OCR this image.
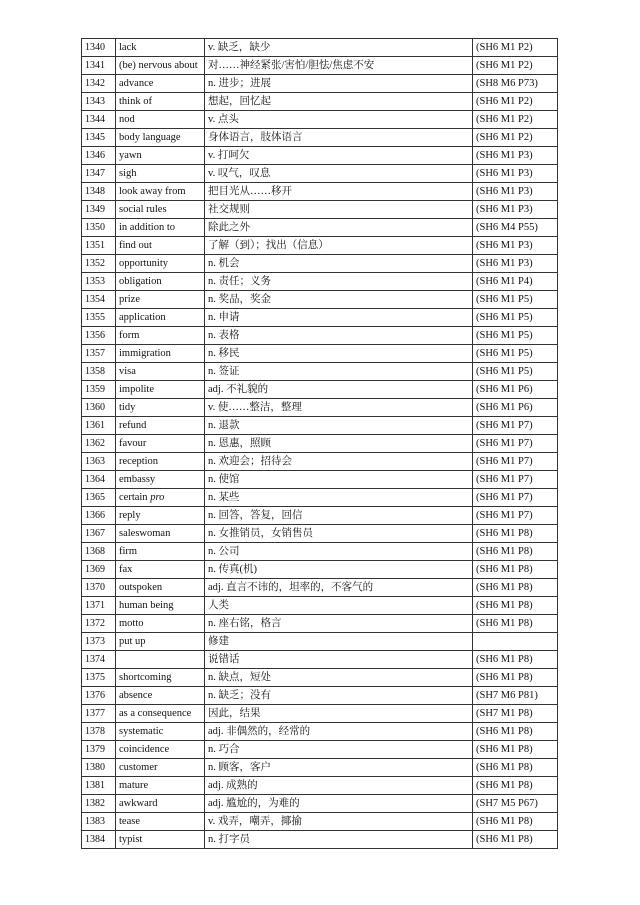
1340	lack	v. 缺乏，缺少	(SH6 M1 P2)
1341	(be) nervous about	对……神经紧张/害怕/胆怯/焦虑不安	(SH6 M1 P2)
1342	advance	n. 进步；进展	(SH8 M6 P73)
1343	think of	想起，回忆起	(SH6 M1 P2)
1344	nod	v. 点头	(SH6 M1 P2)
1345	body language	身体语言，肢体语言	(SH6 M1 P2)
1346	yawn	v. 打呵欠	(SH6 M1 P3)
1347	sigh	v. 叹气，叹息	(SH6 M1 P3)
1348	look away from	把目光从……移开	(SH6 M1 P3)
1349	social rules	社交规则	(SH6 M1 P3)
1350	in addition to	除此之外	(SH6 M4 P55)
1351	find out	了解（到）；找出（信息）	(SH6 M1 P3)
1352	opportunity	n. 机会	(SH6 M1 P3)
1353	obligation	n. 责任；义务	(SH6 M1 P4)
1354	prize	n. 奖品，奖金	(SH6 M1 P5)
1355	application	n. 申请	(SH6 M1 P5)
1356	form	n. 表格	(SH6 M1 P5)
1357	immigration	n. 移民	(SH6 M1 P5)
1358	visa	n. 签证	(SH6 M1 P5)
1359	impolite	adj. 不礼貌的	(SH6 M1 P6)
1360	tidy	v. 使……整洁，整理	(SH6 M1 P6)
1361	refund	n. 退款	(SH6 M1 P7)
1362	favour	n. 恩惠，照顾	(SH6 M1 P7)
1363	reception	n. 欢迎会；招待会	(SH6 M1 P7)
1364	embassy	n. 使馆	(SH6 M1 P7)
1365	certain pro	n. 某些	(SH6 M1 P7)
1366	reply	n. 回答，答复，回信	(SH6 M1 P7)
1367	saleswoman	n. 女推销员，女销售员	(SH6 M1 P8)
1368	firm	n. 公司	(SH6 M1 P8)
1369	fax	n. 传真(机)	(SH6 M1 P8)
1370	outspoken	adj. 直言不讳的，坦率的，不客气的	(SH6 M1 P8)
1371	human being	人类	(SH6 M1 P8)
1372	motto	n. 座右铭，格言	(SH6 M1 P8)
1373	put up	修建	
1374		说错话	(SH6 M1 P8)
1375	shortcoming	n. 缺点，短处	(SH6 M1 P8)
1376	absence	n. 缺乏；没有	(SH7 M6 P81)
1377	as a consequence	因此，结果	(SH7 M1 P8)
1378	systematic	adj. 非偶然的，经常的	(SH6 M1 P8)
1379	coincidence	n. 巧合	(SH6 M1 P8)
1380	customer	n. 顾客，客户	(SH6 M1 P8)
1381	mature	adj. 成熟的	(SH6 M1 P8)
1382	awkward	adj. 尴尬的，为难的	(SH7 M5 P67)
1383	tease	v. 戏弄，嘲弄，揶揄	(SH6 M1 P8)
1384	typist	n. 打字员	(SH6 M1 P8)
